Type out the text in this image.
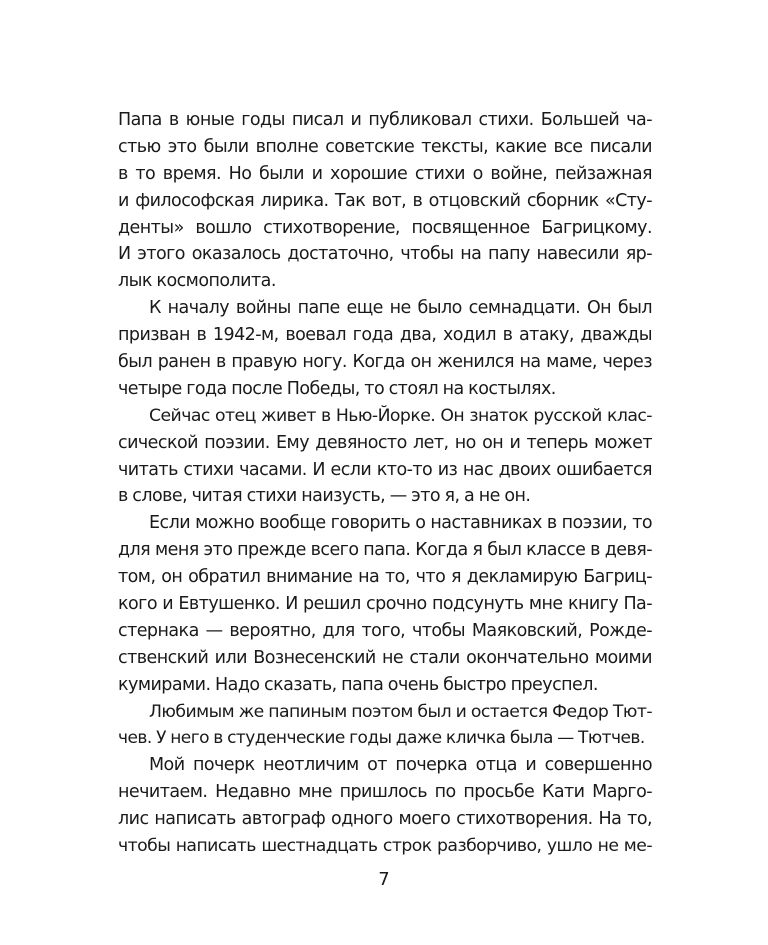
Папа в юные годы писал и публиковал стихи. Большей ча-
стью это были вполне советские тексты, какие все писали
в то время. Но были и хорошие стихи о войне, пейзажная
и философская лирика. Так вот, в отцовский сборник «Сту-
денты» вошло стихотворение, посвященное Багрицкому.
И этого оказалось достаточно, чтобы на папу навесили яр-
лык космополита.
К началу войны папе еще не было семнадцати. Он был
призван в 1942-м, воевал года два, ходил в атаку, дважды
был ранен в правую ногу. Когда он женился на маме, через
четыре года после Победы, то стоял на костылях.
Сейчас отец живет в Нью-Йорке. Он знаток русской клас-
сической поэзии. Ему девяносто лет, но он и теперь может
читать стихи часами. И если кто-то из нас двоих ошибается
в слове, читая стихи наизусть, — это я, а не он.
Если можно вообще говорить о наставниках в поэзии, то
для меня это прежде всего папа. Когда я был классе в девя-
том, он обратил внимание на то, что я декламирую Багриц-
кого и Евтушенко. И решил срочно подсунуть мне книгу Па-
стернака — вероятно, для того, чтобы Маяковский, Рожде-
ственский или Вознесенский не стали окончательно моими
кумирами. Надо сказать, папа очень быстро преуспел.
Любимым же папиным поэтом был и остается Федор Тют-
чев. У него в студенческие годы даже кличка была — Тютчев.
Мой почерк неотличим от почерка отца и совершенно
нечитаем. Недавно мне пришлось по просьбе Кати Марго-
лис написать автограф одного моего стихотворения. На то,
чтобы написать шестнадцать строк разборчиво, ушло не ме-
7
